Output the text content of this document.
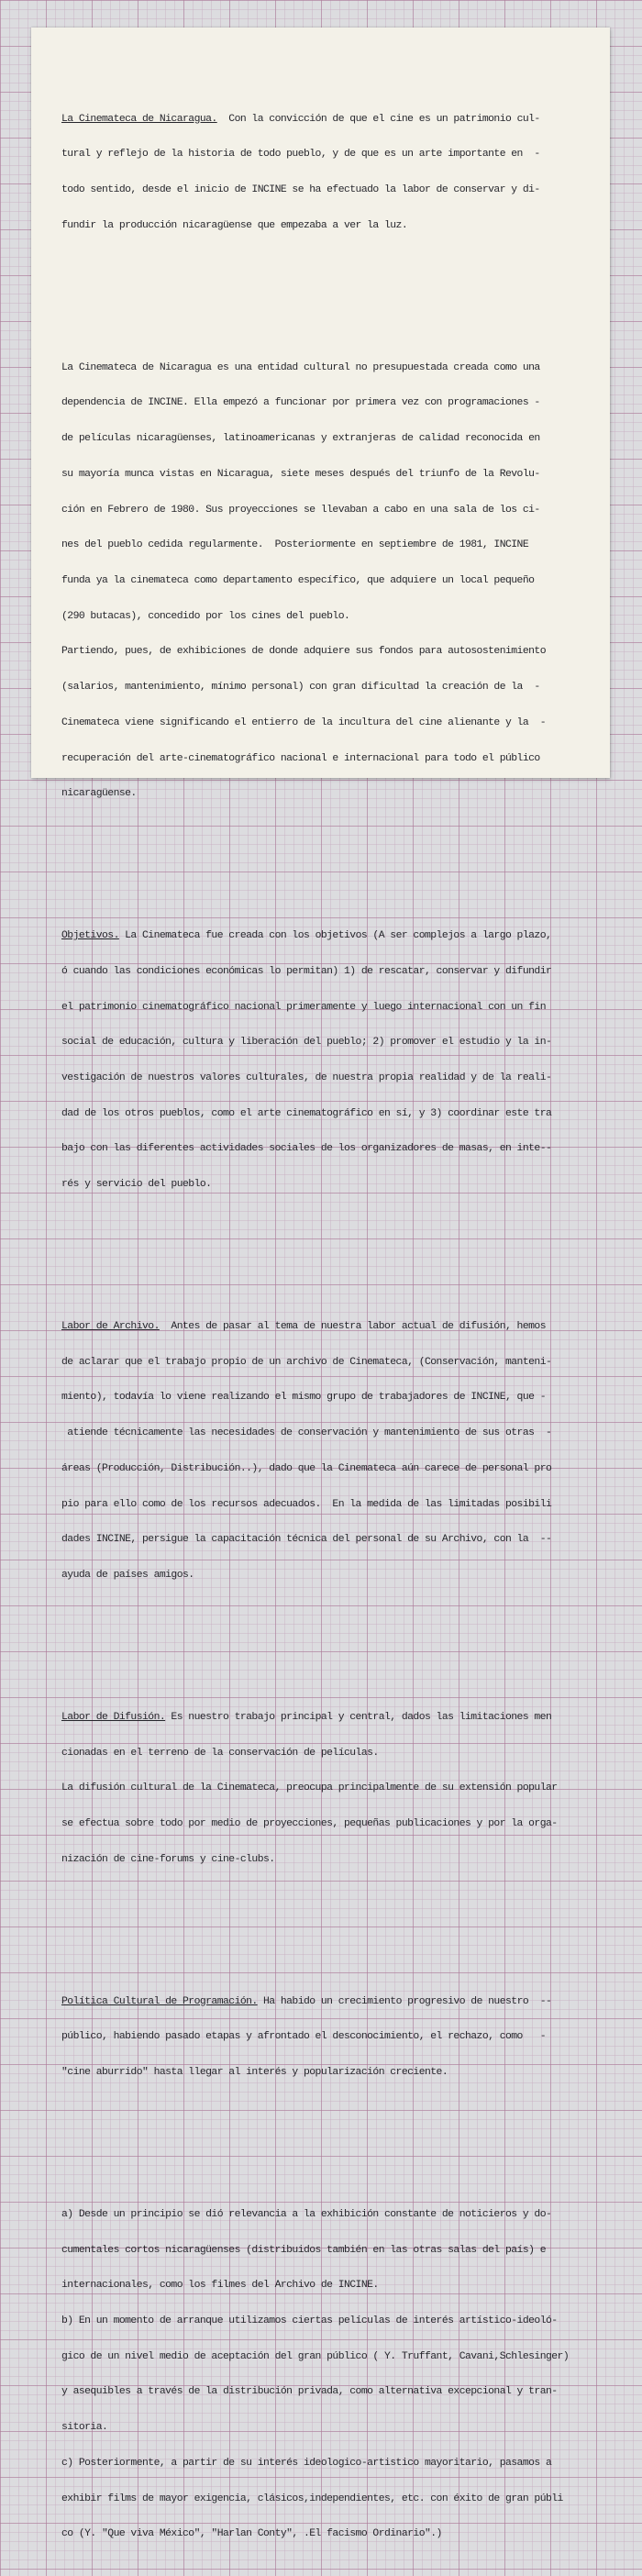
La Cinemateca de Nicaragua.  Con la convicción de que el cine es un patrimonio cul-

tural y reflejo de la historia de todo pueblo, y de que es un arte importante en  -

todo sentido, desde el inicio de INCINE se ha efectuado la labor de conservar y di-

fundir la producción nicaragüense que empezaba a ver la luz.

La Cinemateca de Nicaragua es una entidad cultural no presupuestada creada como una

dependencia de INCINE. Ella empezó a funcionar por primera vez con programaciones -

de películas nicaragüenses, latinoamericanas y extranjeras de calidad reconocida en

su mayoría munca vistas en Nicaragua, siete meses después del triunfo de la Revolu-

ción en Febrero de 1980. Sus proyecciones se llevaban a cabo en una sala de los ci-

nes del pueblo cedida regularmente.  Posteriormente en septiembre de 1981, INCINE

funda ya la cinemateca como departamento específico, que adquiere un local pequeño

(290 butacas), concedido por los cines del pueblo.

Partiendo, pues, de exhibiciones de donde adquiere sus fondos para autosostenimiento

(salarios, mantenimiento, mínimo personal) con gran dificultad la creación de la  -

Cinemateca viene significando el entierro de la incultura del cine alienante y la  -

recuperación del arte-cinematográfico nacional e internacional para todo el público

nicaragüense.

Objetivos. La Cinemateca fue creada con los objetivos (A ser complejos a largo plazo,

ó cuando las condiciones económicas lo permitan) 1) de rescatar, conservar y difundir

el patrimonio cinematográfico nacional primeramente y luego internacional con un fin

social de educación, cultura y liberación del pueblo; 2) promover el estudio y la in-

vestigación de nuestros valores culturales, de nuestra propia realidad y de la reali-

dad de los otros pueblos, como el arte cinematográfico en sí, y 3) coordinar este tra

bajo con las diferentes actividades sociales de los organizadores de masas, en inte--

rés y servicio del pueblo.

Labor de Archivo.  Antes de pasar al tema de nuestra labor actual de difusión, hemos

de aclarar que el trabajo propio de un archivo de Cinemateca, (Conservación, manteni-

miento), todavía lo viene realizando el mismo grupo de trabajadores de INCINE, que -

atiende técnicamente las necesidades de conservación y mantenimiento de sus otras  -

áreas (Producción, Distribución..), dado que la Cinemateca aún carece de personal pro

pio para ello como de los recursos adecuados.  En la medida de las limitadas posibili

dades INCINE, persigue la capacitación técnica del personal de su Archivo, con la  --

ayuda de países amigos.

Labor de Difusión. Es nuestro trabajo principal y central, dados las limitaciones men

cionadas en el terreno de la conservación de películas.

La difusión cultural de la Cinemateca, preocupa principalmente de su extensión popular

se efectua sobre todo por medio de proyecciones, pequeñas publicaciones y por la orga-

nización de cine-forums y cine-clubs.

Política Cultural de Programación. Ha habido un crecimiento progresivo de nuestro  --

público, habiendo pasado etapas y afrontado el desconocimiento, el rechazo, como   -

"cine aburrido" hasta llegar al interés y popularización creciente.

a) Desde un principio se dió relevancia a la exhibición constante de noticieros y do-

cumentales cortos nicaragüenses (distribuidos también en las otras salas del país) e

internacionales, como los filmes del Archivo de INCINE.

b) En un momento de arranque utilizamos ciertas películas de interés artístico-ideoló-

gico de un nivel medio de aceptación del gran público ( Y. Truffant, Cavani,Schlesinger)

y asequibles a través de la distribución privada, como alternativa excepcional y tran-

sitoria.

c) Posteriormente, a partir de su interés ideologico-artistico mayoritario, pasamos a

exhibir films de mayor exigencia, clásicos,independientes, etc. con éxito de gran públi

co (Y. "Que viva México", "Harlan Conty", .El facismo Ordinario".)
